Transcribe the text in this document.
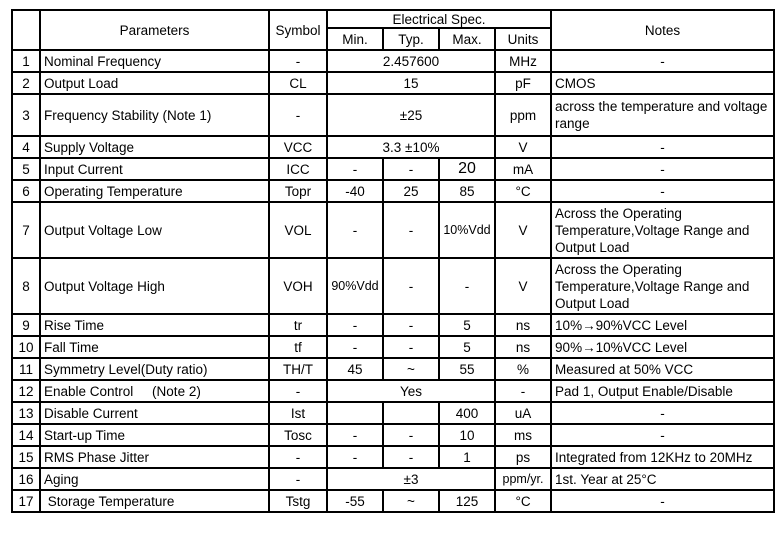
	Parameters	Symbol	Electrical Spec.				Notes
			Min.	Typ.	Max.	Units	
1	Nominal Frequency	-	2.457600			MHz	-
2	Output Load	CL	15			pF	CMOS
3	Frequency Stability (Note 1)	-	±25			ppm	across the temperature and voltage range
4	Supply Voltage	VCC	3.3 ±10%			V	-
5	Input Current	ICC	-	-	20	mA	-
6	Operating Temperature	Topr	-40	25	85	°C	-
7	Output Voltage Low	VOL	-	-	10%Vdd	V	Across the Operating Temperature,Voltage Range and Output Load
8	Output Voltage High	VOH	90%Vdd	-	-	V	Across the Operating Temperature,Voltage Range and Output Load
9	Rise Time	tr	-	-	5	ns	10%→90%VCC Level
10	Fall Time	tf	-	-	5	ns	90%→10%VCC Level
11	Symmetry Level(Duty ratio)	TH/T	45	~	55	%	Measured at 50% VCC
12	Enable Control     (Note 2)	-	Yes			-	Pad 1, Output Enable/Disable
13	Disable Current	Ist			400	uA	-
14	Start-up Time	Tosc	-	-	10	ms	-
15	RMS Phase Jitter	-	-	-	1	ps	Integrated from 12KHz to 20MHz
16	Aging	-	±3			ppm/yr.	1st. Year at 25°C
17	Storage Temperature	Tstg	-55	~	125	°C	-
